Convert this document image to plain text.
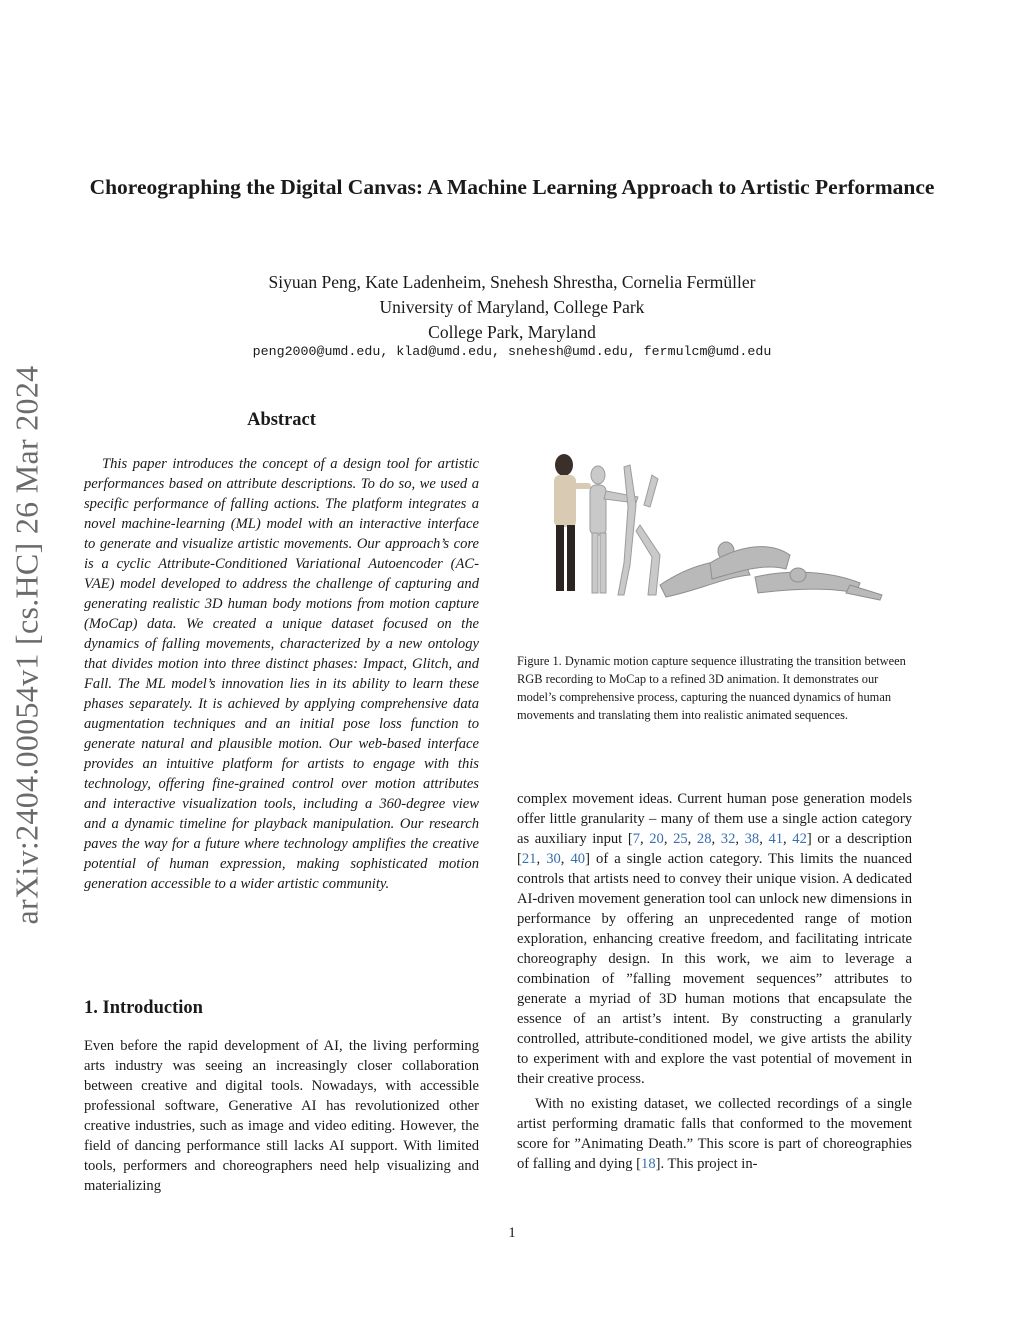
arXiv:2404.00054v1 [cs.HC] 26 Mar 2024
Choreographing the Digital Canvas: A Machine Learning Approach to Artistic Performance
Siyuan Peng, Kate Ladenheim, Snehesh Shrestha, Cornelia Fermüller
University of Maryland, College Park
College Park, Maryland
peng2000@umd.edu, klad@umd.edu, snehesh@umd.edu, fermulcm@umd.edu
Abstract
This paper introduces the concept of a design tool for artistic performances based on attribute descriptions. To do so, we used a specific performance of falling actions. The platform integrates a novel machine-learning (ML) model with an interactive interface to generate and visualize artistic movements. Our approach’s core is a cyclic Attribute-Conditioned Variational Autoencoder (AC-VAE) model developed to address the challenge of capturing and generating realistic 3D human body motions from motion capture (MoCap) data. We created a unique dataset focused on the dynamics of falling movements, characterized by a new ontology that divides motion into three distinct phases: Impact, Glitch, and Fall. The ML model’s innovation lies in its ability to learn these phases separately. It is achieved by applying comprehensive data augmentation techniques and an initial pose loss function to generate natural and plausible motion. Our web-based interface provides an intuitive platform for artists to engage with this technology, offering fine-grained control over motion attributes and interactive visualization tools, including a 360-degree view and a dynamic timeline for playback manipulation. Our research paves the way for a future where technology amplifies the creative potential of human expression, making sophisticated motion generation accessible to a wider artistic community.
1. Introduction
Even before the rapid development of AI, the living performing arts industry was seeing an increasingly closer collaboration between creative and digital tools. Nowadays, with accessible professional software, Generative AI has revolutionized other creative industries, such as image and video editing. However, the field of dancing performance still lacks AI support. With limited tools, performers and choreographers need help visualizing and materializing
Figure 1. Dynamic motion capture sequence illustrating the transition between RGB recording to MoCap to a refined 3D animation. It demonstrates our model’s comprehensive process, capturing the nuanced dynamics of human movements and translating them into realistic animated sequences.

complex movement ideas. Current human pose generation models offer little granularity – many of them use a single action category as auxiliary input [7, 20, 25, 28, 32, 38, 41, 42] or a description [21, 30, 40] of a single action category. This limits the nuanced controls that artists need to convey their unique vision. A dedicated AI-driven movement generation tool can unlock new dimensions in performance by offering an unprecedented range of motion exploration, enhancing creative freedom, and facilitating intricate choreography design. In this work, we aim to leverage a combination of ”falling movement sequences” attributes to generate a myriad of 3D human motions that encapsulate the essence of an artist’s intent. By constructing a granularly controlled, attribute-conditioned model, we give artists the ability to experiment with and explore the vast potential of movement in their creative process.

With no existing dataset, we collected recordings of a single artist performing dramatic falls that conformed to the movement score for ”Animating Death.” This score is part of choreographies of falling and dying [18]. This project in-

1
